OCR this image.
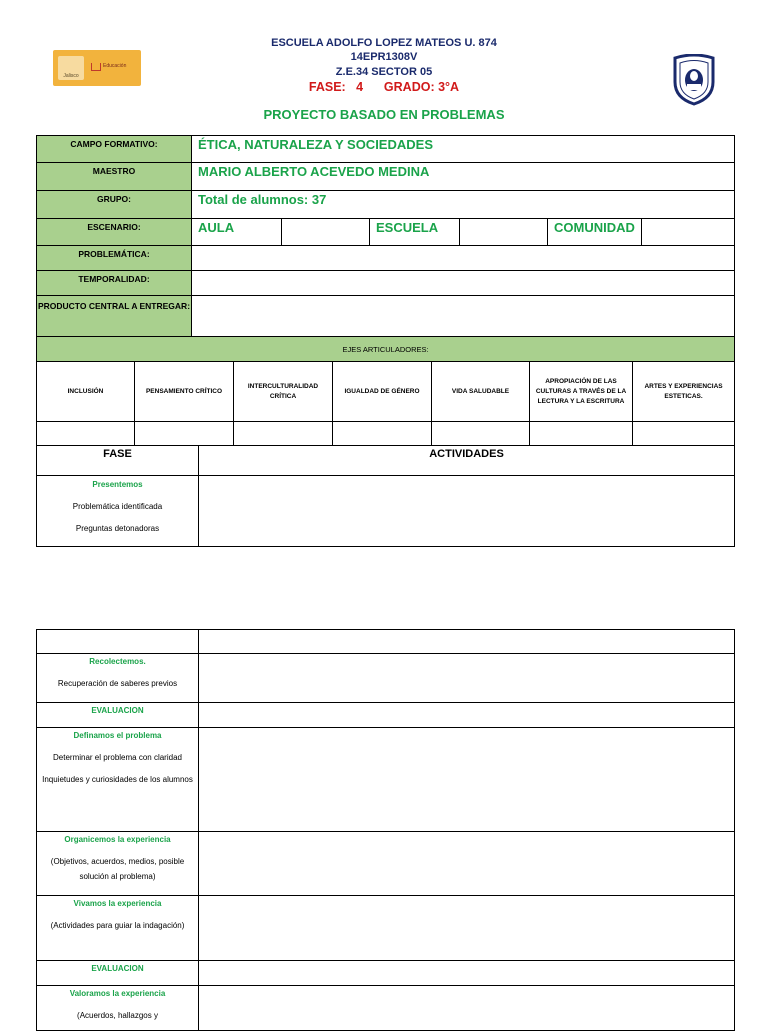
Jalisco
Educación
ESCUELA ADOLFO LOPEZ MATEOS U. 874
14EPR1308V
Z.E.34 SECTOR 05
FASE:   4      GRADO: 3°A
PROYECTO BASADO EN PROBLEMAS
CAMPO FORMATIVO:	ÉTICA, NATURALEZA Y SOCIEDADES					
MAESTRO	MARIO ALBERTO ACEVEDO MEDINA					
GRUPO:	Total de alumnos: 37					
ESCENARIO:	AULA		ESCUELA		COMUNIDAD	
PROBLEMÁTICA:						
TEMPORALIDAD:						
PRODUCTO CENTRAL A ENTREGAR:						
EJES ARTICULADORES:						
INCLUSIÓN	PENSAMIENTO CRÍTICO	INTERCULTURALIDAD CRÍTICA	IGUALDAD DE GÉNERO	VIDA SALUDABLE	APROPIACIÓN DE LAS CULTURAS A TRAVÉS DE LA LECTURA Y LA ESCRITURA	ARTES Y EXPERIENCIAS ESTETICAS.

FASE	ACTIVIDADES

Presentemos
Problemática identificada
Preguntas detonadoras	

Recolectemos.
Recuperación de saberes previos	

EVALUACION	

Definamos el problema
Determinar el problema con claridad
Inquietudes y curiosidades de los alumnos	

Organicemos la experiencia
(Objetivos, acuerdos, medios, posible solución al problema)	

Vivamos la experiencia
(Actividades para guiar la indagación)	

EVALUACION	

Valoramos la experiencia
(Acuerdos, hallazgos y	
